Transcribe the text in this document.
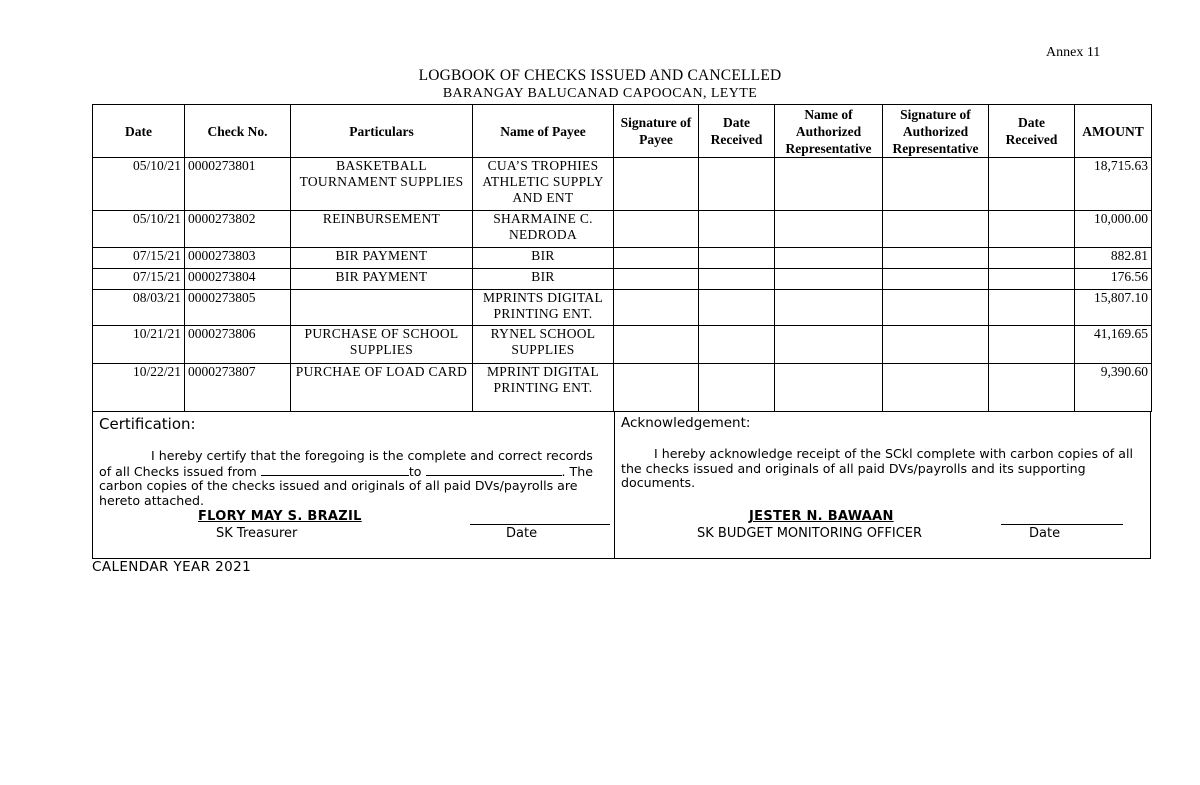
Annex 11
LOGBOOK OF CHECKS ISSUED AND CANCELLED
BARANGAY BALUCANAD CAPOOCAN, LEYTE
Date	Check No.	Particulars	Name of Payee	Signature of Payee	Date Received	Name of Authorized Representative	Signature of Authorized Representative	Date Received	AMOUNT
05/10/21	0000273801	BASKETBALL TOURNAMENT SUPPLIES	CUA’S TROPHIES ATHLETIC SUPPLY AND ENT						18,715.63
05/10/21	0000273802	REINBURSEMENT	SHARMAINE C. NEDRODA						10,000.00
07/15/21	0000273803	BIR PAYMENT	BIR						882.81
07/15/21	0000273804	BIR PAYMENT	BIR						176.56
08/03/21	0000273805		MPRINTS DIGITAL PRINTING ENT.						15,807.10
10/21/21	0000273806	PURCHASE OF SCHOOL SUPPLIES	RYNEL SCHOOL SUPPLIES						41,169.65
10/22/21	0000273807	PURCHAE OF LOAD CARD	MPRINT DIGITAL PRINTING ENT.						9,390.60
Certification:
I hereby certify that the foregoing is the complete and correct records of all Checks issued from	to	. The carbon copies of the checks issued and originals of all paid DVs/payrolls are hereto attached.
FLORY MAY S. BRAZIL
SK Treasurer	Date
Acknowledgement:
I hereby acknowledge receipt of the SCkl complete with carbon copies of all the checks issued and originals of all paid DVs/payrolls and its supporting documents.
JESTER N. BAWAAN
SK BUDGET MONITORING OFFICER	Date
CALENDAR YEAR 2021
